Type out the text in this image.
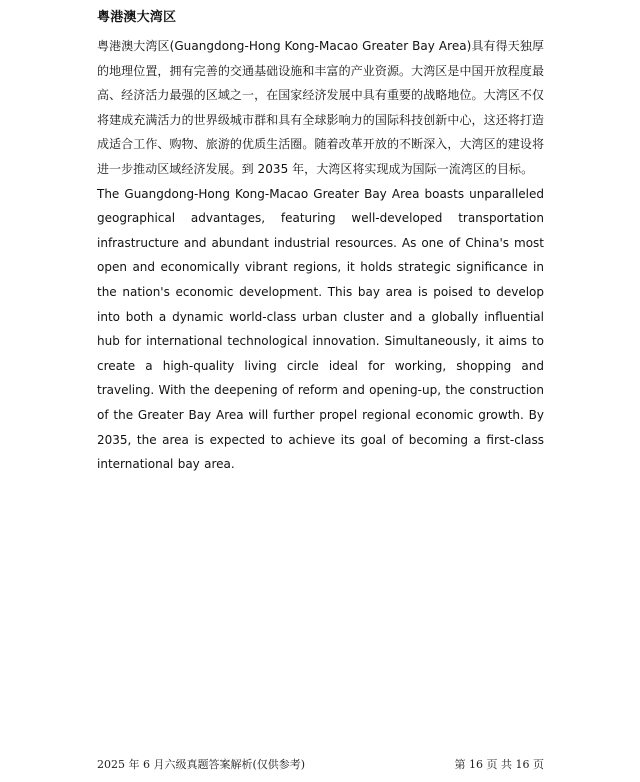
粤港澳大湾区

粤港澳大湾区(Guangdong-Hong Kong-Macao Greater Bay Area)具有得天独厚的地理位置，拥有完善的交通基础设施和丰富的产业资源。大湾区是中国开放程度最高、经济活力最强的区域之一，在国家经济发展中具有重要的战略地位。大湾区不仅将建成充满活力的世界级城市群和具有全球影响力的国际科技创新中心，这还将打造成适合工作、购物、旅游的优质生活圈。随着改革开放的不断深入，大湾区的建设将进一步推动区域经济发展。到 2035 年，大湾区将实现成为国际一流湾区的目标。

The Guangdong-Hong Kong-Macao Greater Bay Area boasts unparalleled geographical advantages, featuring well-developed transportation infrastructure and abundant industrial resources. As one of China's most open and economically vibrant regions, it holds strategic significance in the nation's economic development. This bay area is poised to develop into both a dynamic world-class urban cluster and a globally influential hub for international technological innovation. Simultaneously, it aims to create a high-quality living circle ideal for working, shopping and traveling. With the deepening of reform and opening-up, the construction of the Greater Bay Area will further propel regional economic growth. By 2035, the area is expected to achieve its goal of becoming a first-class international bay area.

2025 年 6 月六级真题答案解析(仅供参考)	第 16 页 共 16 页
